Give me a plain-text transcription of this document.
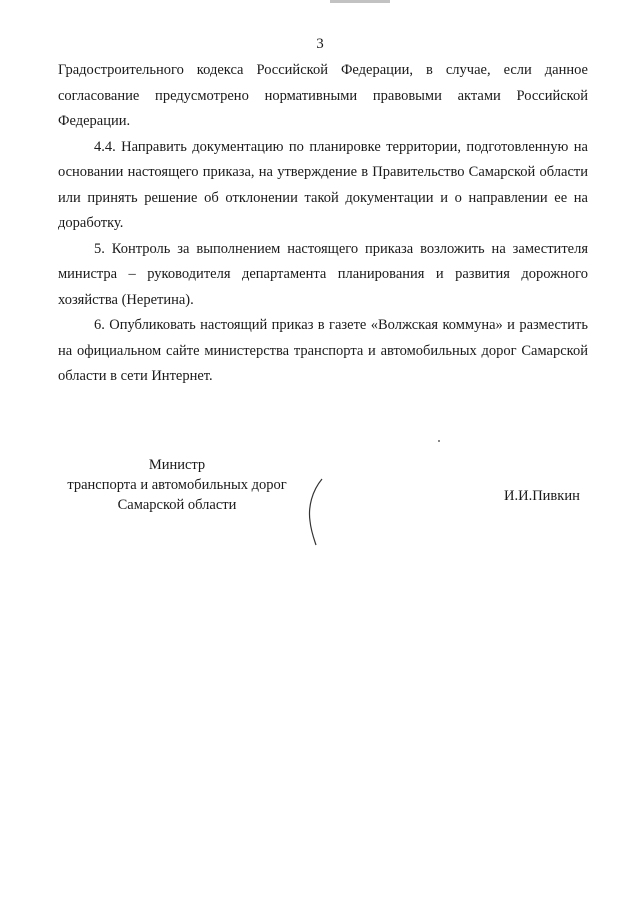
3

Градостроительного кодекса Российской Федерации, в случае, если данное согласование предусмотрено нормативными правовыми актами Российской Федерации.

4.4. Направить документацию по планировке территории, подготовленную на основании настоящего приказа, на утверждение в Правительство Самарской области или принять решение об отклонении такой документации и о направлении ее на доработку.

5. Контроль за выполнением настоящего приказа возложить на заместителя министра – руководителя департамента планирования и развития дорожного хозяйства (Неретина).

6. Опубликовать настоящий приказ в газете «Волжская коммуна» и разместить на официальном сайте министерства транспорта и автомобильных дорог Самарской области в сети Интернет.

Министр
транспорта и автомобильных дорог
Самарской области
И.И.Пивкин
